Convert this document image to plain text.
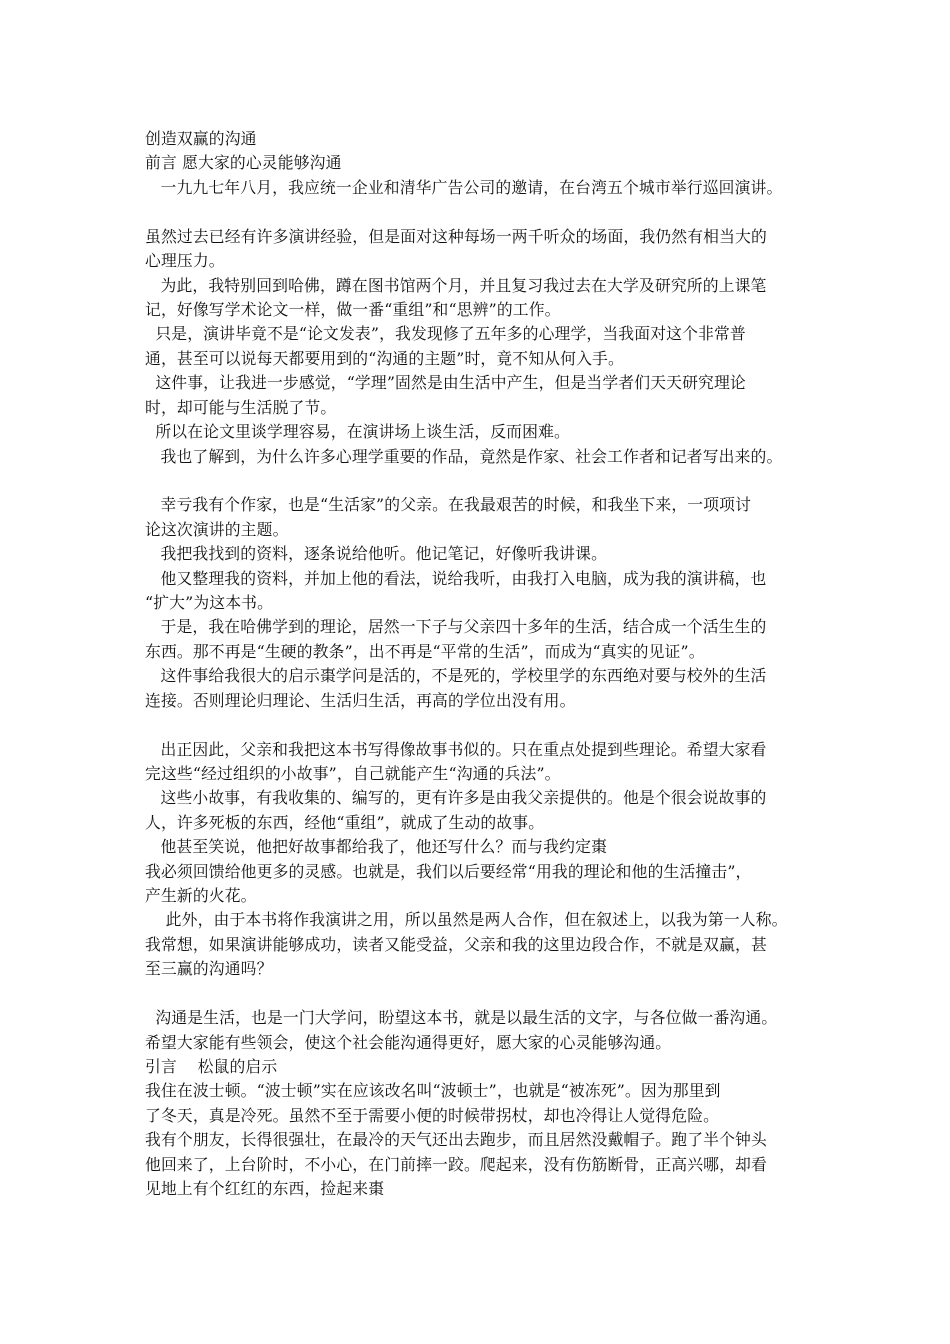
创造双赢的沟通
前言 愿大家的心灵能够沟通
一九九七年八月，我应统一企业和清华广告公司的邀请，在台湾五个城市举行巡回演讲。
虽然过去已经有许多演讲经验，但是面对这种每场一两千听众的场面，我仍然有相当大的
心理压力。
为此，我特别回到哈佛，蹲在图书馆两个月，并且复习我过去在大学及研究所的上课笔
记，好像写学术论文一样，做一番“重组”和“思辨”的工作。
只是，演讲毕竟不是“论文发表”，我发现修了五年多的心理学，当我面对这个非常普
通，甚至可以说每天都要用到的“沟通的主题”时，竟不知从何入手。
这件事，让我进一步感觉，“学理”固然是由生活中产生，但是当学者们天天研究理论
时，却可能与生活脱了节。
所以在论文里谈学理容易，在演讲场上谈生活，反而困难。
我也了解到，为什么许多心理学重要的作品，竟然是作家、社会工作者和记者写出来的。
幸亏我有个作家，也是“生活家”的父亲。在我最艰苦的时候，和我坐下来，一项项讨
论这次演讲的主题。
我把我找到的资料，逐条说给他听。他记笔记，好像听我讲课。
他又整理我的资料，并加上他的看法，说给我听，由我打入电脑，成为我的演讲稿，也
“扩大”为这本书。
于是，我在哈佛学到的理论，居然一下子与父亲四十多年的生活，结合成一个活生生的
东西。那不再是“生硬的教条”，出不再是“平常的生活”，而成为“真实的见证”。
这件事给我很大的启示棗学问是活的，不是死的，学校里学的东西绝对要与校外的生活
连接。否则理论归理论、生活归生活，再高的学位出没有用。
出正因此，父亲和我把这本书写得像故事书似的。只在重点处提到些理论。希望大家看
完这些“经过组织的小故事”，自己就能产生“沟通的兵法”。
这些小故事，有我收集的、编写的，更有许多是由我父亲提供的。他是个很会说故事的
人，许多死板的东西，经他“重组”，就成了生动的故事。
他甚至笑说，他把好故事都给我了，他还写什么？而与我约定棗
我必须回馈给他更多的灵感。也就是，我们以后要经常“用我的理论和他的生活撞击”，
产生新的火花。
此外，由于本书将作我演讲之用，所以虽然是两人合作，但在叙述上，以我为第一人称。
我常想，如果演讲能够成功，读者又能受益，父亲和我的这里边段合作，不就是双赢，甚
至三赢的沟通吗？
沟通是生活，也是一门大学问，盼望这本书，就是以最生活的文字，与各位做一番沟通。
希望大家能有些领会，使这个社会能沟通得更好，愿大家的心灵能够沟通。
引言    松鼠的启示
我住在波士顿。“波士顿”实在应该改名叫“波顿士”，也就是“被冻死”。因为那里到
了冬天，真是冷死。虽然不至于需要小便的时候带拐杖，却也冷得让人觉得危险。
我有个朋友，长得很强壮，在最冷的天气还出去跑步，而且居然没戴帽子。跑了半个钟头
他回来了，上台阶时，不小心，在门前摔一跤。爬起来，没有伤筋断骨，正高兴哪，却看
见地上有个红红的东西，捡起来棗
